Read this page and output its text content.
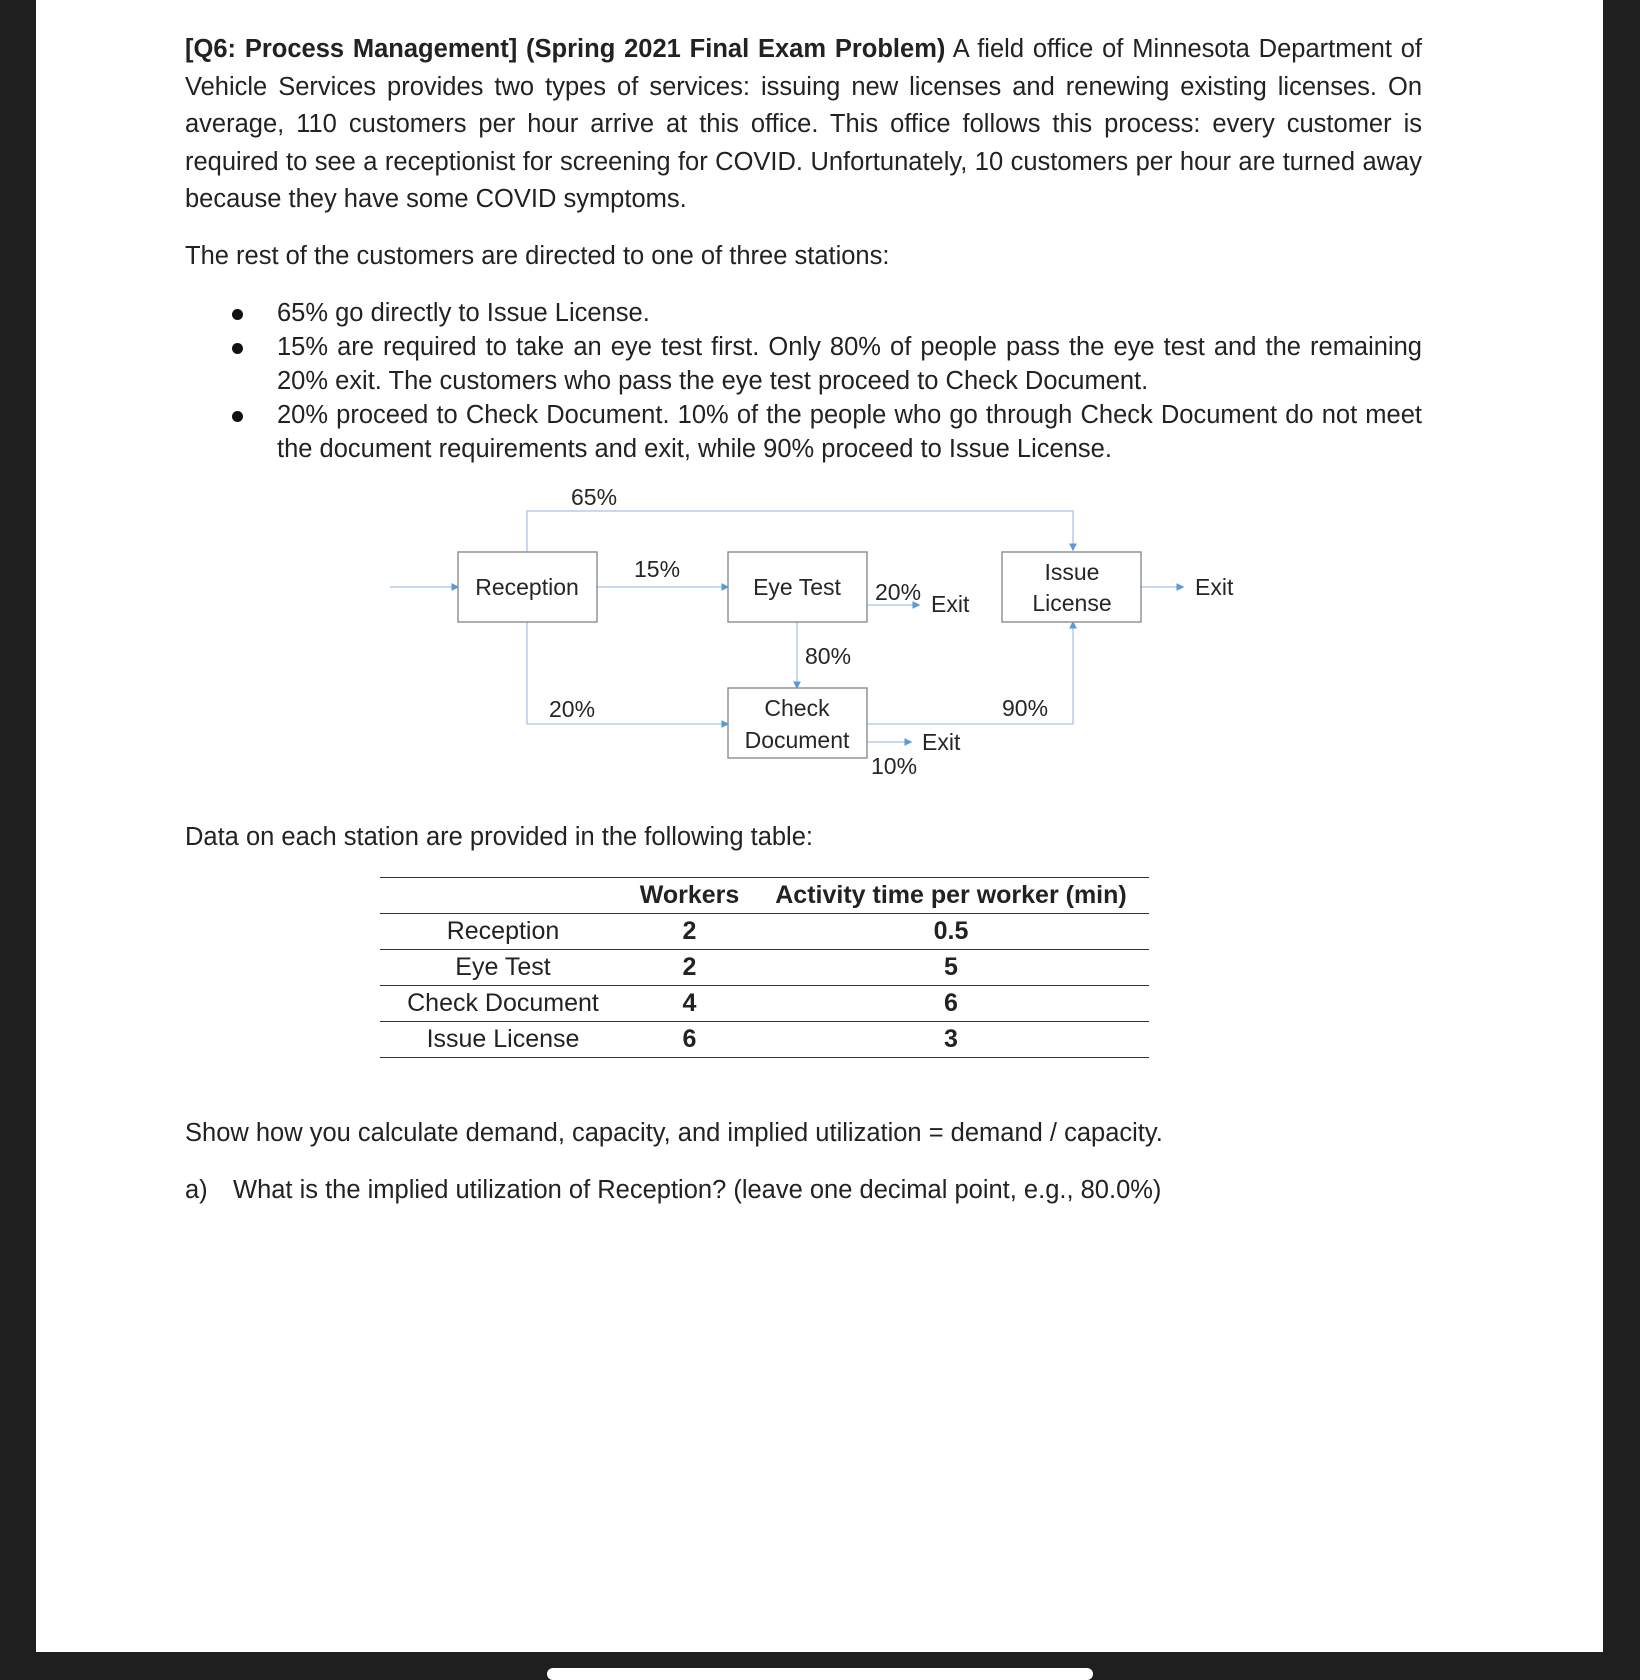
[Q6: Process Management] (Spring 2021 Final Exam Problem) A field office of Minnesota Department of Vehicle Services provides two types of services: issuing new licenses and renewing existing licenses. On average, 110 customers per hour arrive at this office. This office follows this process: every customer is required to see a receptionist for screening for COVID. Unfortunately, 10 customers per hour are turned away because they have some COVID symptoms.

The rest of the customers are directed to one of three stations:

65% go directly to Issue License.
15% are required to take an eye test first. Only 80% of people pass the eye test and the remaining 20% exit. The customers who pass the eye test proceed to Check Document.
20% proceed to Check Document. 10% of the people who go through Check Document do not meet the document requirements and exit, while 90% proceed to Issue License.
Reception	Eye Test
Check
Document
Issue
License
65%
15%
20%
80%
20%	90%
10%
Exit
Exit
Exit

Data on each station are provided in the following table:

	Workers	Activity time per worker (min)
Reception	2	0.5
Eye Test	2	5
Check Document	4	6
Issue License	6	3

Show how you calculate demand, capacity, and implied utilization = demand / capacity.

a) What is the implied utilization of Reception? (leave one decimal point, e.g., 80.0%)
